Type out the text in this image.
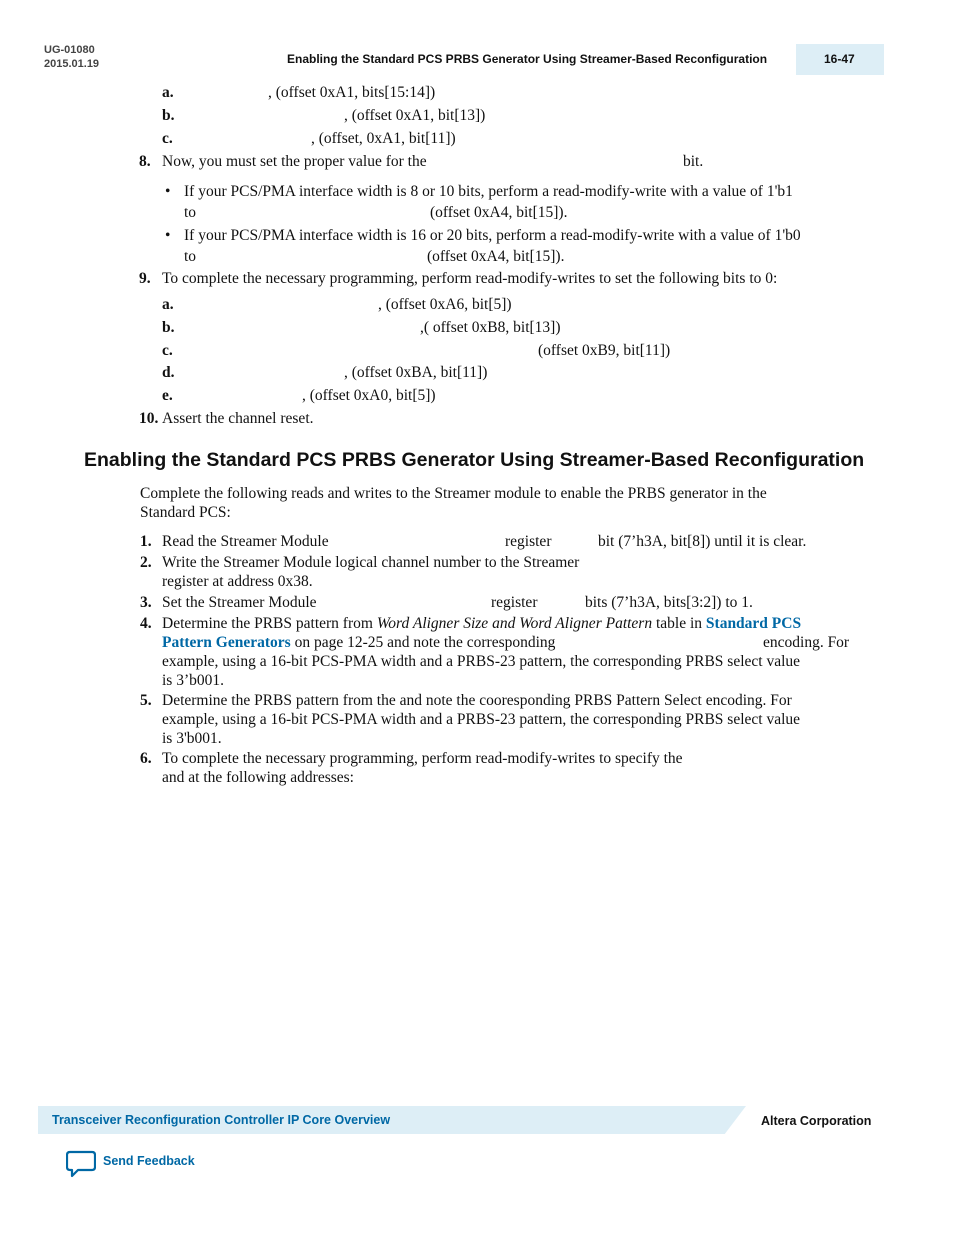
UG-01080
2015.01.19	Enabling the Standard PCS PRBS Generator Using Streamer-Based Reconfiguration	16-47
a.	, (offset 0xA1, bits[15:14])
b.	, (offset 0xA1, bit[13])
c.	, (offset, 0xA1, bit[11])
8. Now, you must set the proper value for the	bit.
• If your PCS/PMA interface width is 8 or 10 bits, perform a read-modify-write with a value of 1'b1
to	(offset 0xA4, bit[15]).
• If your PCS/PMA interface width is 16 or 20 bits, perform a read-modify-write with a value of 1'b0
to	(offset 0xA4, bit[15]).
9. To complete the necessary programming, perform read-modify-writes to set the following bits to 0:
a.	, (offset 0xA6, bit[5])
b.	,( offset 0xB8, bit[13])
c.	(offset 0xB9, bit[11])
d.	, (offset 0xBA, bit[11])
e.	, (offset 0xA0, bit[5])
10. Assert the channel reset.
Enabling the Standard PCS PRBS Generator Using Streamer-Based Reconfiguration
Complete the following reads and writes to the Streamer module to enable the PRBS generator in the
Standard PCS:
1. Read the Streamer Module	register	bit (7’h3A, bit[8]) until it is clear.
2. Write the Streamer Module logical channel number to the Streamer
register at address 0x38.
3. Set the Streamer Module	register	bits (7’h3A, bits[3:2]) to 1.
4. Determine the PRBS pattern from Word Aligner Size and Word Aligner Pattern table in Standard PCS
Pattern Generators on page 12-25 and note the corresponding	encoding. For
example, using a 16-bit PCS-PMA width and a PRBS-23 pattern, the corresponding PRBS select value
is 3’b001.
5. Determine the PRBS pattern from the and note the cooresponding PRBS Pattern Select encoding. For
example, using a 16-bit PCS-PMA width and a PRBS-23 pattern, the corresponding PRBS select value
is 3'b001.
6. To complete the necessary programming, perform read-modify-writes to specify the
and at the following addresses:
Transceiver Reconfiguration Controller IP Core Overview	Altera Corporation
Send Feedback
